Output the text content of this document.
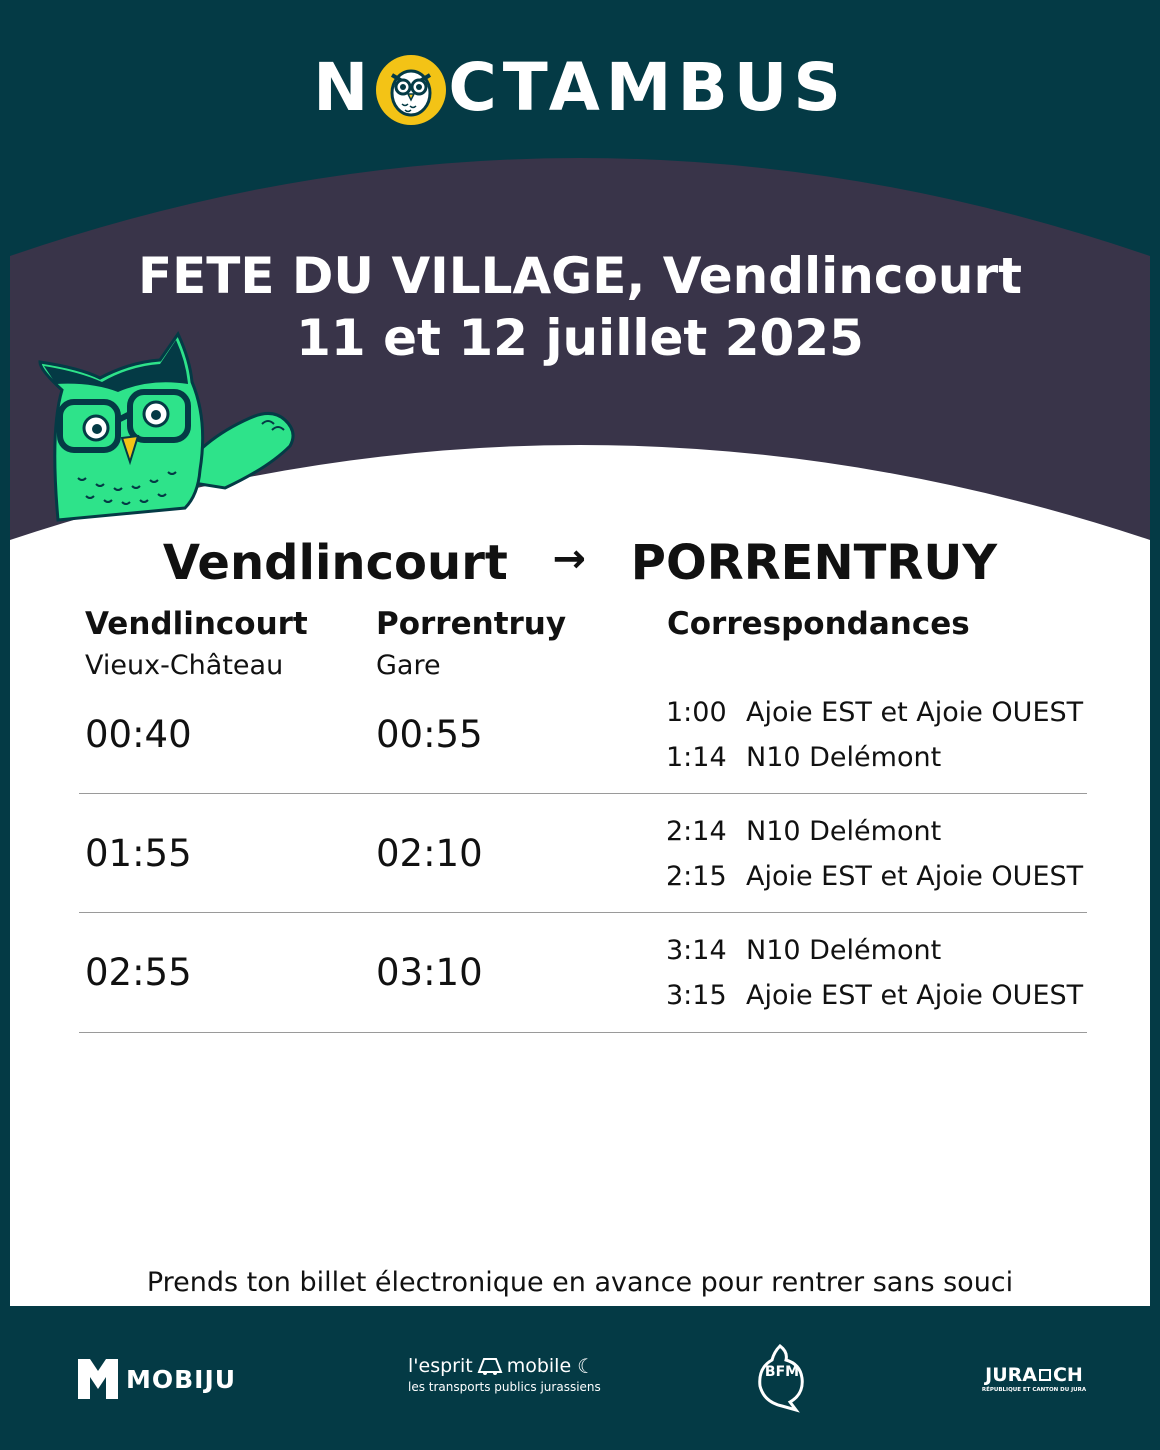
N CTAMBUS
FETE DU VILLAGE, Vendlincourt
11 et 12 juillet 2025
Vendlincourt → PORRENTRUY
Vendlincourt
Vieux-Château
Porrentruy
Gare
Correspondances
00:40	00:55
1:00 Ajoie EST et Ajoie OUEST
1:14 N10 Delémont
01:55	02:10
2:14 N10 Delémont
2:15 Ajoie EST et Ajoie OUEST
02:55	03:10
3:14 N10 Delémont
3:15 Ajoie EST et Ajoie OUEST
Prends ton billet électronique en avance pour rentrer sans souci
MOBIJU	l'esprit mobile ☾
les transports publics jurassiens
BFM	JURA CH
RÉPUBLIQUE ET CANTON DU JURA
